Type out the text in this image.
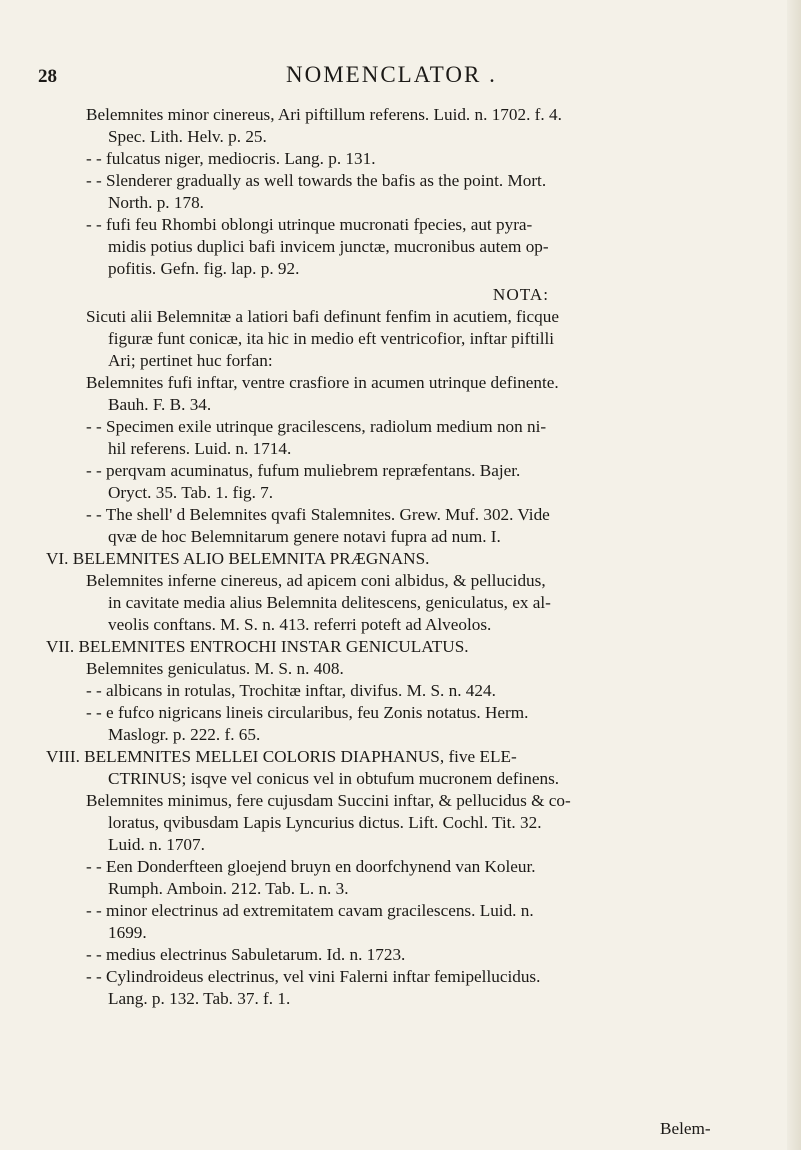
28	NOMENCLATOR .
Belemnites minor cinereus, Ari piftillum referens. Luid. n. 1702. f. 4.
Spec. Lith. Helv. p. 25.
- - fulcatus niger, mediocris. Lang. p. 131.
- - Slenderer gradually as well towards the bafis as the point. Mort.
North. p. 178.
- - fufi feu Rhombi oblongi utrinque mucronati fpecies, aut pyra-
midis potius duplici bafi invicem junctæ, mucronibus autem op-
pofitis. Gefn. fig. lap. p. 92.
NOTA:
Sicuti alii Belemnitæ a latiori bafi definunt fenfim in acutiem, ficque
figuræ funt conicæ, ita hic in medio eft ventricofior, inftar piftilli
Ari; pertinet huc forfan:
Belemnites fufi inftar, ventre crasfiore in acumen utrinque definente.
Bauh. F. B. 34.
- - Specimen exile utrinque gracilescens, radiolum medium non ni-
hil referens. Luid. n. 1714.
- - perqvam acuminatus, fufum muliebrem repræfentans. Bajer.
Oryct. 35. Tab. 1. fig. 7.
- - The shell' d Belemnites qvafi Stalemnites. Grew. Muf. 302. Vide
qvæ de hoc Belemnitarum genere notavi fupra ad num. I.
VI. BELEMNITES ALIO BELEMNITA PRÆGNANS.
Belemnites inferne cinereus, ad apicem coni albidus, & pellucidus,
in cavitate media alius Belemnita delitescens, geniculatus, ex al-
veolis conftans. M. S. n. 413. referri poteft ad Alveolos.
VII. BELEMNITES ENTROCHI INSTAR GENICULATUS.
Belemnites geniculatus. M. S. n. 408.
- - albicans in rotulas, Trochitæ inftar, divifus. M. S. n. 424.
- - e fufco nigricans lineis circularibus, feu Zonis notatus. Herm.
Maslogr. p. 222. f. 65.
VIII. BELEMNITES MELLEI COLORIS DIAPHANUS, five ELE-
CTRINUS; isqve vel conicus vel in obtufum mucronem definens.
Belemnites minimus, fere cujusdam Succini inftar, & pellucidus & co-
loratus, qvibusdam Lapis Lyncurius dictus. Lift. Cochl. Tit. 32.
Luid. n. 1707.
- - Een Donderfteen gloejend bruyn en doorfchynend van Koleur.
Rumph. Amboin. 212. Tab. L. n. 3.
- - minor electrinus ad extremitatem cavam gracilescens. Luid. n.
1699.
- - medius electrinus Sabuletarum. Id. n. 1723.
- - Cylindroideus electrinus, vel vini Falerni inftar femipellucidus.
Lang. p. 132. Tab. 37. f. 1.
Belem-
